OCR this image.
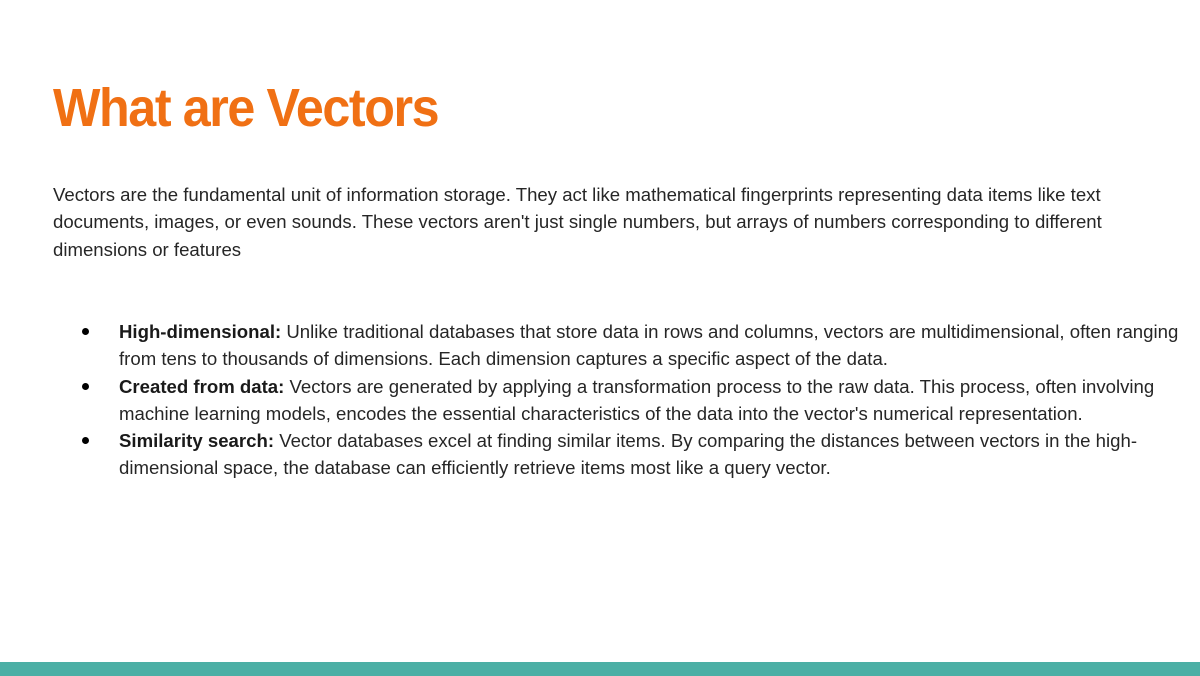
What are Vectors

Vectors are the fundamental unit of information storage. They act like mathematical fingerprints representing data items like text documents, images, or even sounds. These vectors aren't just single numbers, but arrays of numbers corresponding to different dimensions or features

High-dimensional: Unlike traditional databases that store data in rows and columns, vectors are multidimensional, often ranging from tens to thousands of dimensions. Each dimension captures a specific aspect of the data.
Created from data: Vectors are generated by applying a transformation process to the raw data. This process, often involving machine learning models, encodes the essential characteristics of the data into the vector's numerical representation.
Similarity search: Vector databases excel at finding similar items. By comparing the distances between vectors in the high-dimensional space, the database can efficiently retrieve items most like a query vector.
